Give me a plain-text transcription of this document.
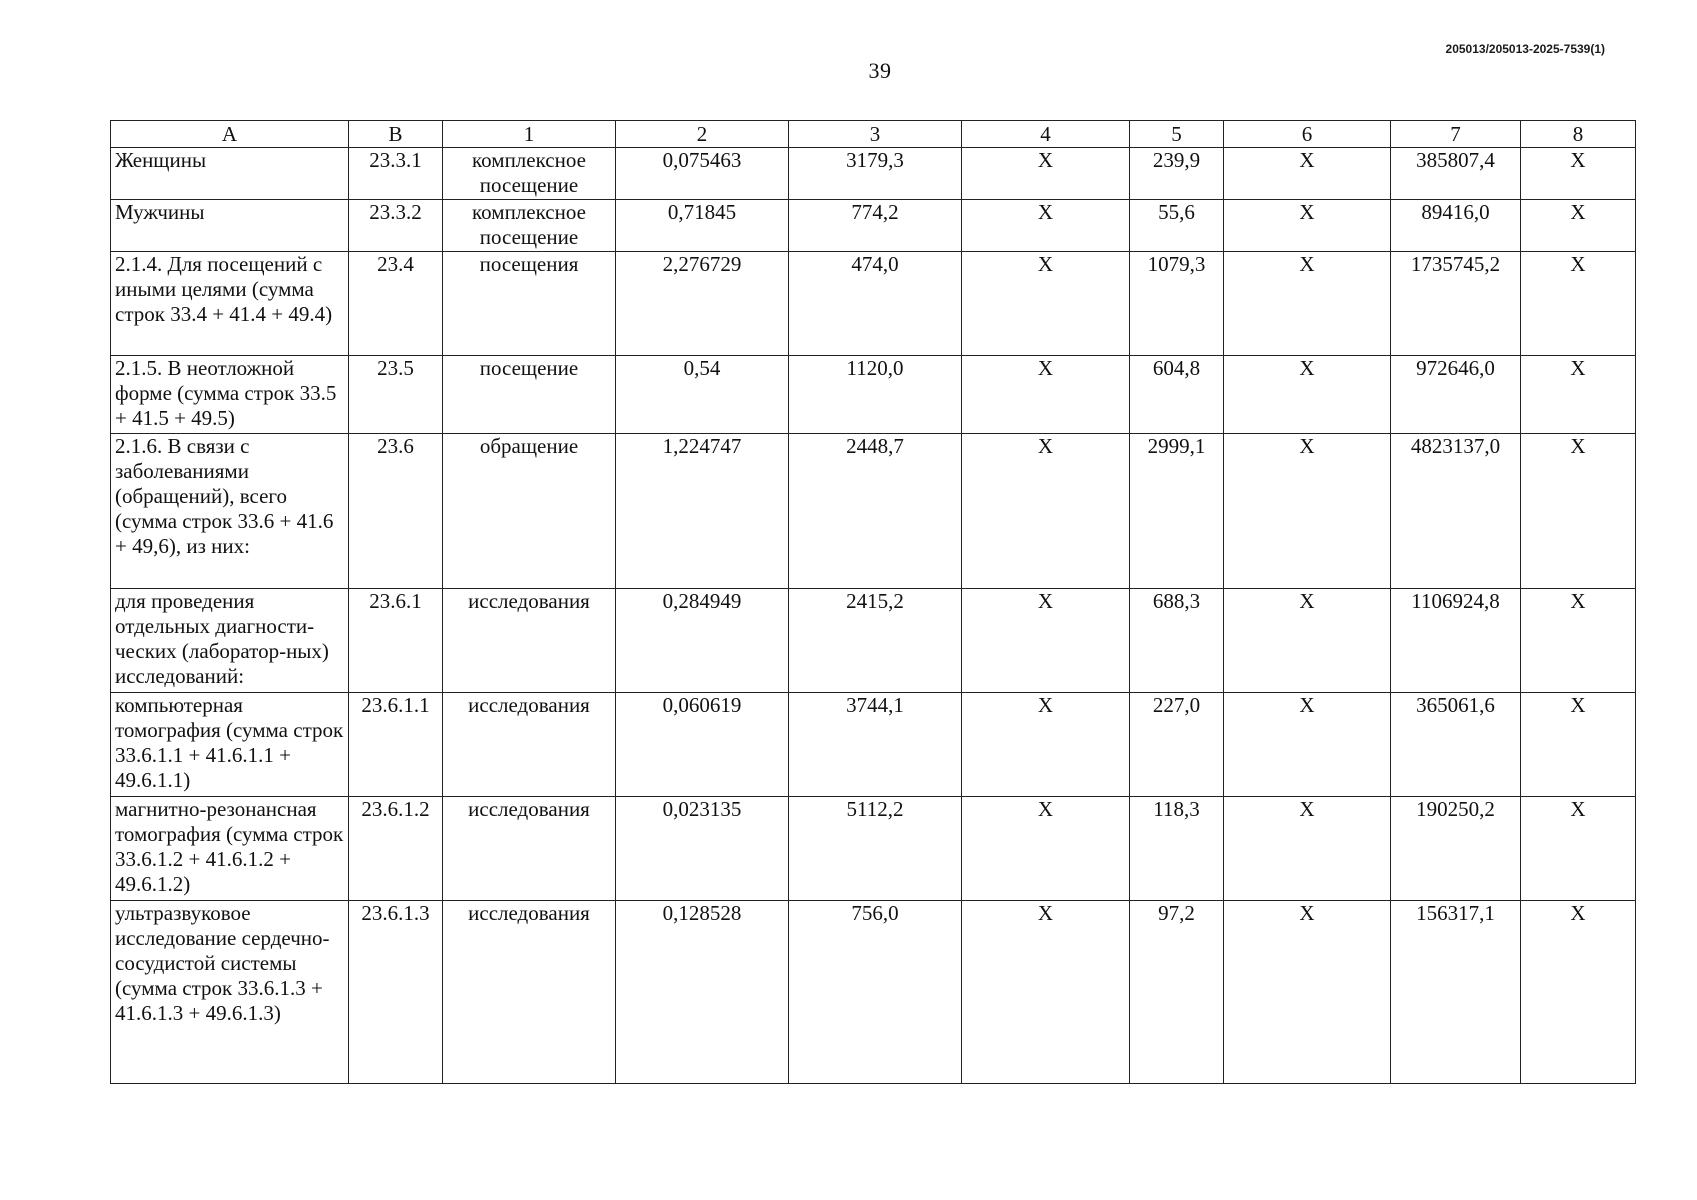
39
205013/205013-2025-7539(1)
А	В	1	2	3	4	5	6	7	8
Женщины	23.3.1	комплексное посещение	0,075463	3179,3	Х	239,9	Х	385807,4	Х
Мужчины	23.3.2	комплексное посещение	0,71845	774,2	Х	55,6	Х	89416,0	Х
2.1.4. Для посещений с иными целями (сумма строк 33.4 + 41.4 + 49.4)	23.4	посещения	2,276729	474,0	Х	1079,3	Х	1735745,2	Х
2.1.5. В неотложной форме (сумма строк 33.5 + 41.5 + 49.5)	23.5	посещение	0,54	1120,0	Х	604,8	Х	972646,0	Х
2.1.6. В связи с заболеваниями (обращений), всего (сумма строк 33.6 + 41.6 + 49,6), из них:	23.6	обращение	1,224747	2448,7	Х	2999,1	Х	4823137,0	Х
для проведения отдельных диагности-ческих (лаборатор-ных) исследований:	23.6.1	исследования	0,284949	2415,2	Х	688,3	Х	1106924,8	Х
компьютерная томография (сумма строк 33.6.1.1 + 41.6.1.1 + 49.6.1.1)	23.6.1.1	исследования	0,060619	3744,1	Х	227,0	Х	365061,6	Х
магнитно-резонансная томография (сумма строк 33.6.1.2 + 41.6.1.2 + 49.6.1.2)	23.6.1.2	исследования	0,023135	5112,2	Х	118,3	Х	190250,2	Х
ультразвуковое исследование сердечно-сосудистой системы (сумма строк 33.6.1.3 + 41.6.1.3 + 49.6.1.3)	23.6.1.3	исследования	0,128528	756,0	Х	97,2	Х	156317,1	Х
